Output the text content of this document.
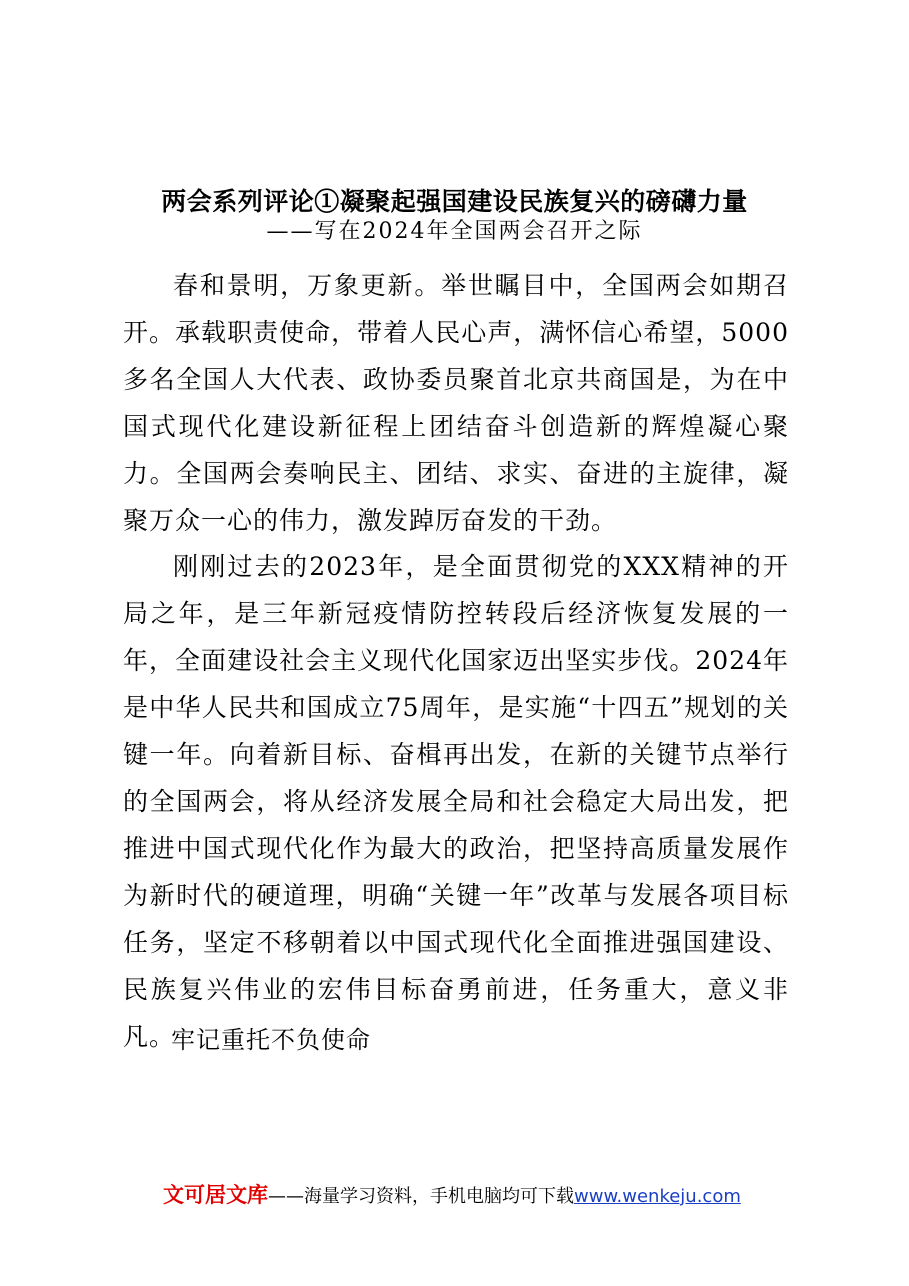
两会系列评论①凝聚起强国建设民族复兴的磅礴力量
——写在2024年全国两会召开之际

春和景明，万象更新。举世瞩目中，全国两会如期召开。承载职责使命，带着人民心声，满怀信心希望，5000多名全国人大代表、政协委员聚首北京共商国是，为在中国式现代化建设新征程上团结奋斗创造新的辉煌凝心聚力。全国两会奏响民主、团结、求实、奋进的主旋律，凝聚万众一心的伟力，激发踔厉奋发的干劲。

刚刚过去的2023年，是全面贯彻党的XXX精神的开局之年，是三年新冠疫情防控转段后经济恢复发展的一年，全面建设社会主义现代化国家迈出坚实步伐。2024年是中华人民共和国成立75周年，是实施“十四五”规划的关键一年。向着新目标、奋楫再出发，在新的关键节点举行的全国两会，将从经济发展全局和社会稳定大局出发，把推进中国式现代化作为最大的政治，把坚持高质量发展作为新时代的硬道理，明确“关键一年”改革与发展各项目标任务，坚定不移朝着以中国式现代化全面推进强国建设、民族复兴伟业的宏伟目标奋勇前进，任务重大，意义非凡。

牢记重托不负使命
文可居文库——海量学习资料，手机电脑均可下载www.wenkeju.com
